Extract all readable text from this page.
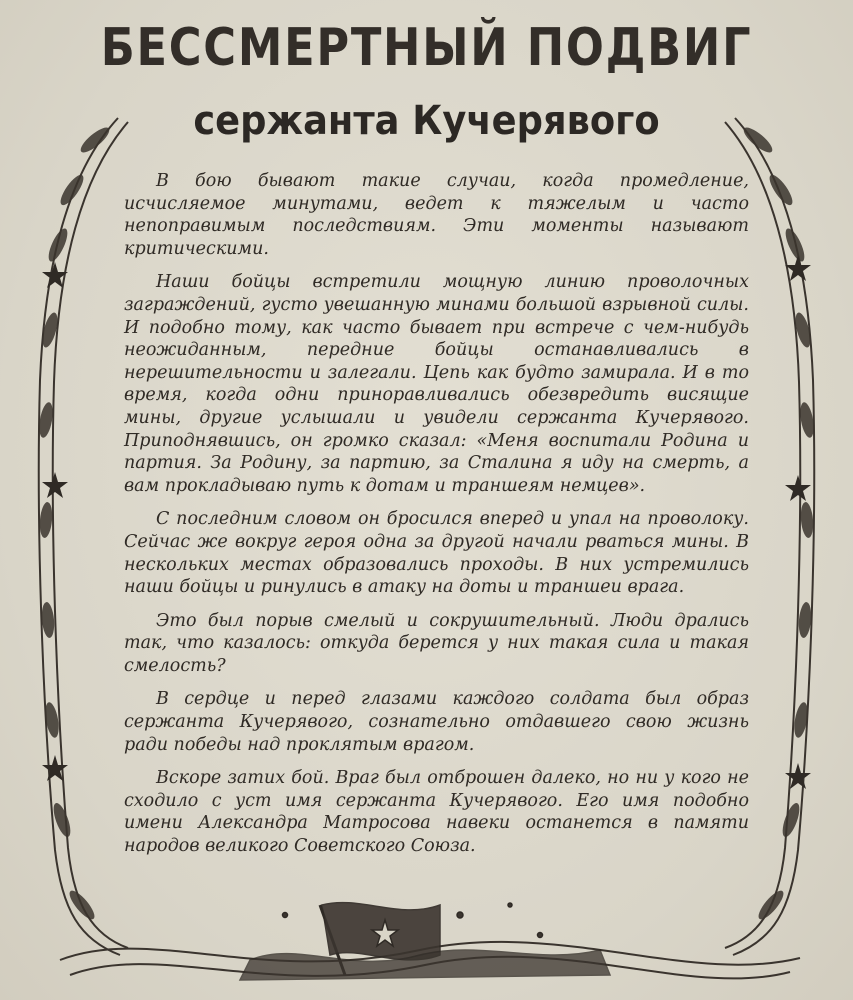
БЕССМЕРТНЫЙ ПОДВИГ
сержанта Кучерявого

В бою бывают такие случаи, когда промедление, исчисляемое минутами, ведет к тяжелым и часто непоправимым последствиям. Эти моменты называют критическими.

Наши бойцы встретили мощную линию проволочных заграждений, густо увешанную минами большой взрывной силы. И подобно тому, как часто бывает при встрече с чем-нибудь неожиданным, передние бойцы останавливались в нерешительности и залегали. Цепь как будто замирала. И в то время, когда одни приноравливались обезвредить висящие мины, другие услышали и увидели сержанта Кучерявого. Приподнявшись, он громко сказал: «Меня воспитали Родина и партия. За Родину, за партию, за Сталина я иду на смерть, а вам прокладываю путь к дотам и траншеям немцев».

С последним словом он бросился вперед и упал на проволоку. Сейчас же вокруг героя одна за другой начали рваться мины. В нескольких местах образовались проходы. В них устремились наши бойцы и ринулись в атаку на доты и траншеи врага.

Это был порыв смелый и сокрушительный. Люди дрались так, что казалось: откуда берется у них такая сила и такая смелость?

В сердце и перед глазами каждого солдата был образ сержанта Кучерявого, сознательно отдавшего свою жизнь ради победы над проклятым врагом.

Вскоре затих бой. Враг был отброшен далеко, но ни у кого не сходило с уст имя сержанта Кучерявого. Его имя подобно имени Александра Матросова навеки останется в памяти народов великого Советского Союза.
